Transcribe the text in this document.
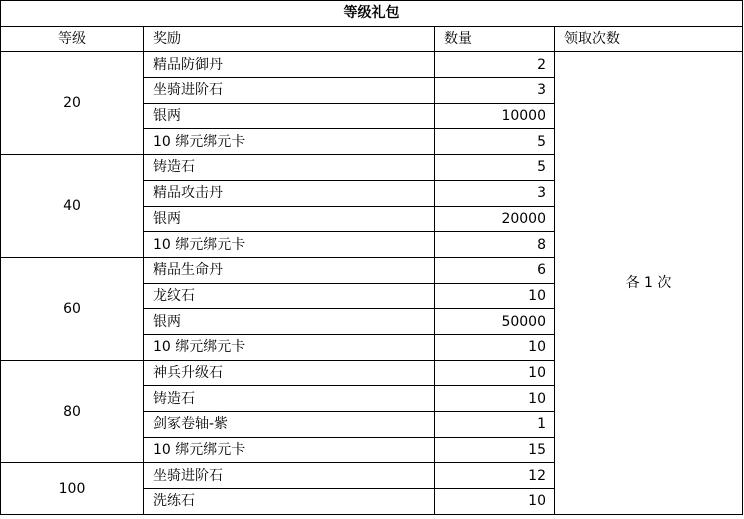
等级礼包			
等级	奖励	数量	领取次数
20	精品防御丹	2	各 1 次
	坐骑进阶石	3	
	银两	10000	
	10 绑元绑元卡	5	
40	铸造石	5	
	精品攻击丹	3	
	银两	20000	
	10 绑元绑元卡	8	
60	精品生命丹	6	
	龙纹石	10	
	银两	50000	
	10 绑元绑元卡	10	
80	神兵升级石	10	
	铸造石	10	
	剑冢卷轴-紫	1	
	10 绑元绑元卡	15	
100	坐骑进阶石	12	
	洗练石	10	
